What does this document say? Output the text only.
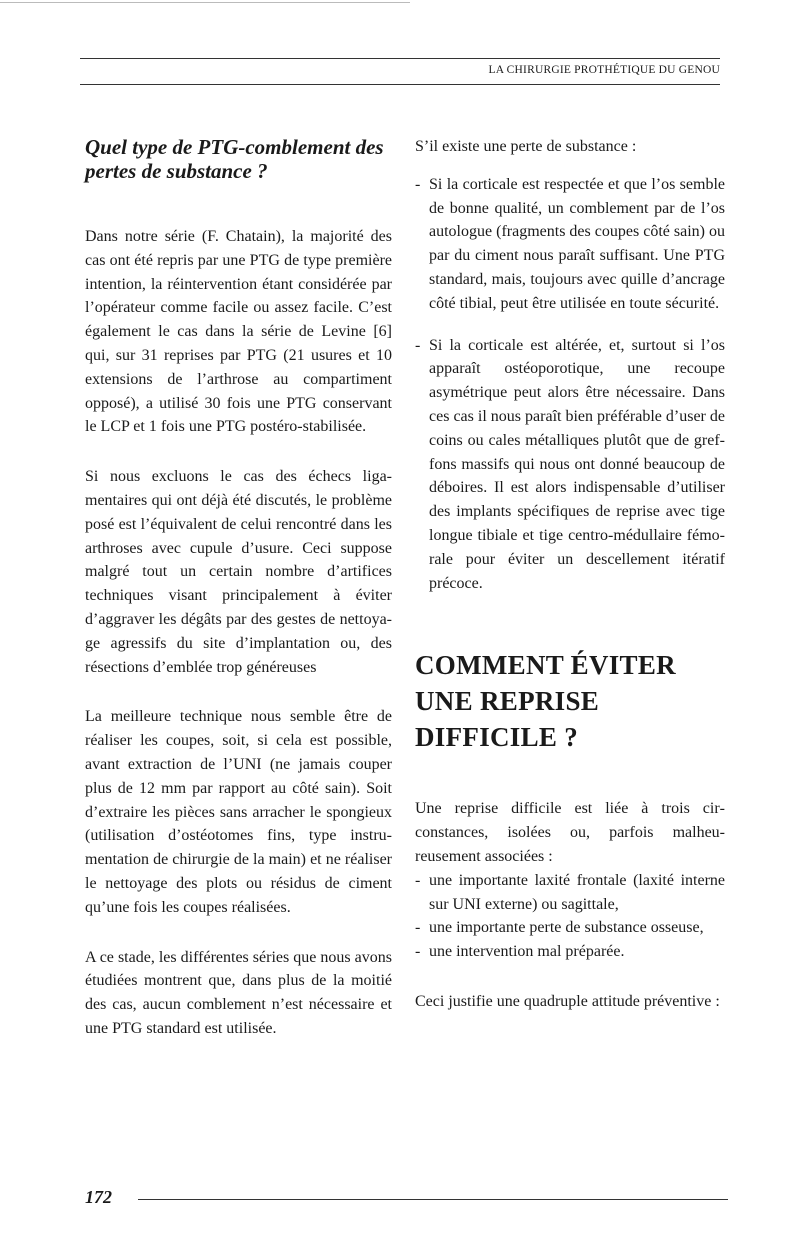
LA CHIRURGIE PROTHÉTIQUE DU GENOU
Quel type de PTG-comblement des pertes de substance ?

Dans notre série (F. Chatain), la majorité des cas ont été repris par une PTG de type première intention, la réintervention étant considérée par l’opérateur comme facile ou assez facile. C’est également le cas dans la série de Levine [6] qui, sur 31 reprises par PTG (21 usures et 10 extensions de l’arthrose au compartiment opposé), a utilisé 30 fois une PTG conservant le LCP et 1 fois une PTG postéro-stabilisée.

Si nous excluons le cas des échecs ligamentaires qui ont déjà été discutés, le problème posé est l’équivalent de celui rencontré dans les arthroses avec cupule d’usure. Ceci suppose malgré tout un certain nombre d’artifices techniques visant principalement à éviter d’aggraver les dégâts par des gestes de nettoyage agressifs du site d’implantation ou, des résections d’emblée trop généreuses

La meilleure technique nous semble être de réaliser les coupes, soit, si cela est possible, avant extraction de l’UNI (ne jamais couper plus de 12 mm par rapport au côté sain). Soit d’extraire les pièces sans arracher le spongieux (utilisation d’ostéotomes fins, type instrumentation de chirurgie de la main) et ne réaliser le nettoyage des plots ou résidus de ciment qu’une fois les coupes réalisées.

A ce stade, les différentes séries que nous avons étudiées montrent que, dans plus de la moitié des cas, aucun comblement n’est nécessaire et une PTG standard est utilisée.

S’il existe une perte de substance :

- Si la corticale est respectée et que l’os semble de bonne qualité, un comblement par de l’os autologue (fragments des coupes côté sain) ou par du ciment nous paraît suffisant. Une PTG standard, mais, toujours avec quille d’ancrage côté tibial, peut être utilisée en toute sécurité.
- Si la corticale est altérée, et, surtout si l’os apparaît ostéoporotique, une recoupe asymétrique peut alors être nécessaire. Dans ces cas il nous paraît bien préférable d’user de coins ou cales métalliques plutôt que de greffons massifs qui nous ont donné beaucoup de déboires. Il est alors indispensable d’utiliser des implants spécifiques de reprise avec tige longue tibiale et tige centro-médullaire fémorale pour éviter un descellement itératif précoce.
COMMENT ÉVITER UNE REPRISE DIFFICILE ?

Une reprise difficile est liée à trois circonstances, isolées ou, parfois malheureusement associées :

- une importante laxité frontale (laxité interne sur UNI externe) ou sagittale,
- une importante perte de substance osseuse,
- une intervention mal préparée.

Ceci justifie une quadruple attitude préventive :

172
